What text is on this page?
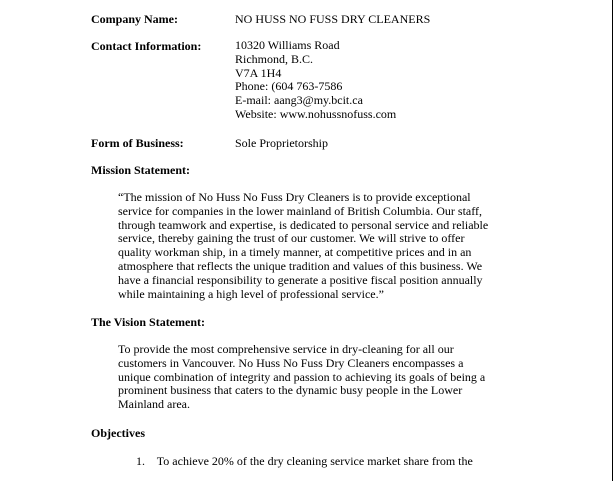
Company Name:	NO HUSS NO FUSS DRY CLEANERS
Contact Information:	10320 Williams Road
Richmond, B.C.
V7A 1H4
Phone: (604 763-7586
E-mail: aang3@my.bcit.ca
Website: www.nohussnofuss.com
Form of Business:	Sole Proprietorship
Mission Statement:
“The mission of No Huss No Fuss Dry Cleaners is to provide exceptional
service for companies in the lower mainland of British Columbia. Our staff,
through teamwork and expertise, is dedicated to personal service and reliable
service, thereby gaining the trust of our customer. We will strive to offer
quality workman ship, in a timely manner, at competitive prices and in an
atmosphere that reflects the unique tradition and values of this business. We
have a financial responsibility to generate a positive fiscal position annually
while maintaining a high level of professional service.”
The Vision Statement:
To provide the most comprehensive service in dry-cleaning for all our
customers in Vancouver. No Huss No Fuss Dry Cleaners encompasses a
unique combination of integrity and passion to achieving its goals of being a
prominent business that caters to the dynamic busy people in the Lower
Mainland area.
Objectives
1. To achieve 20% of the dry cleaning service market share from the
